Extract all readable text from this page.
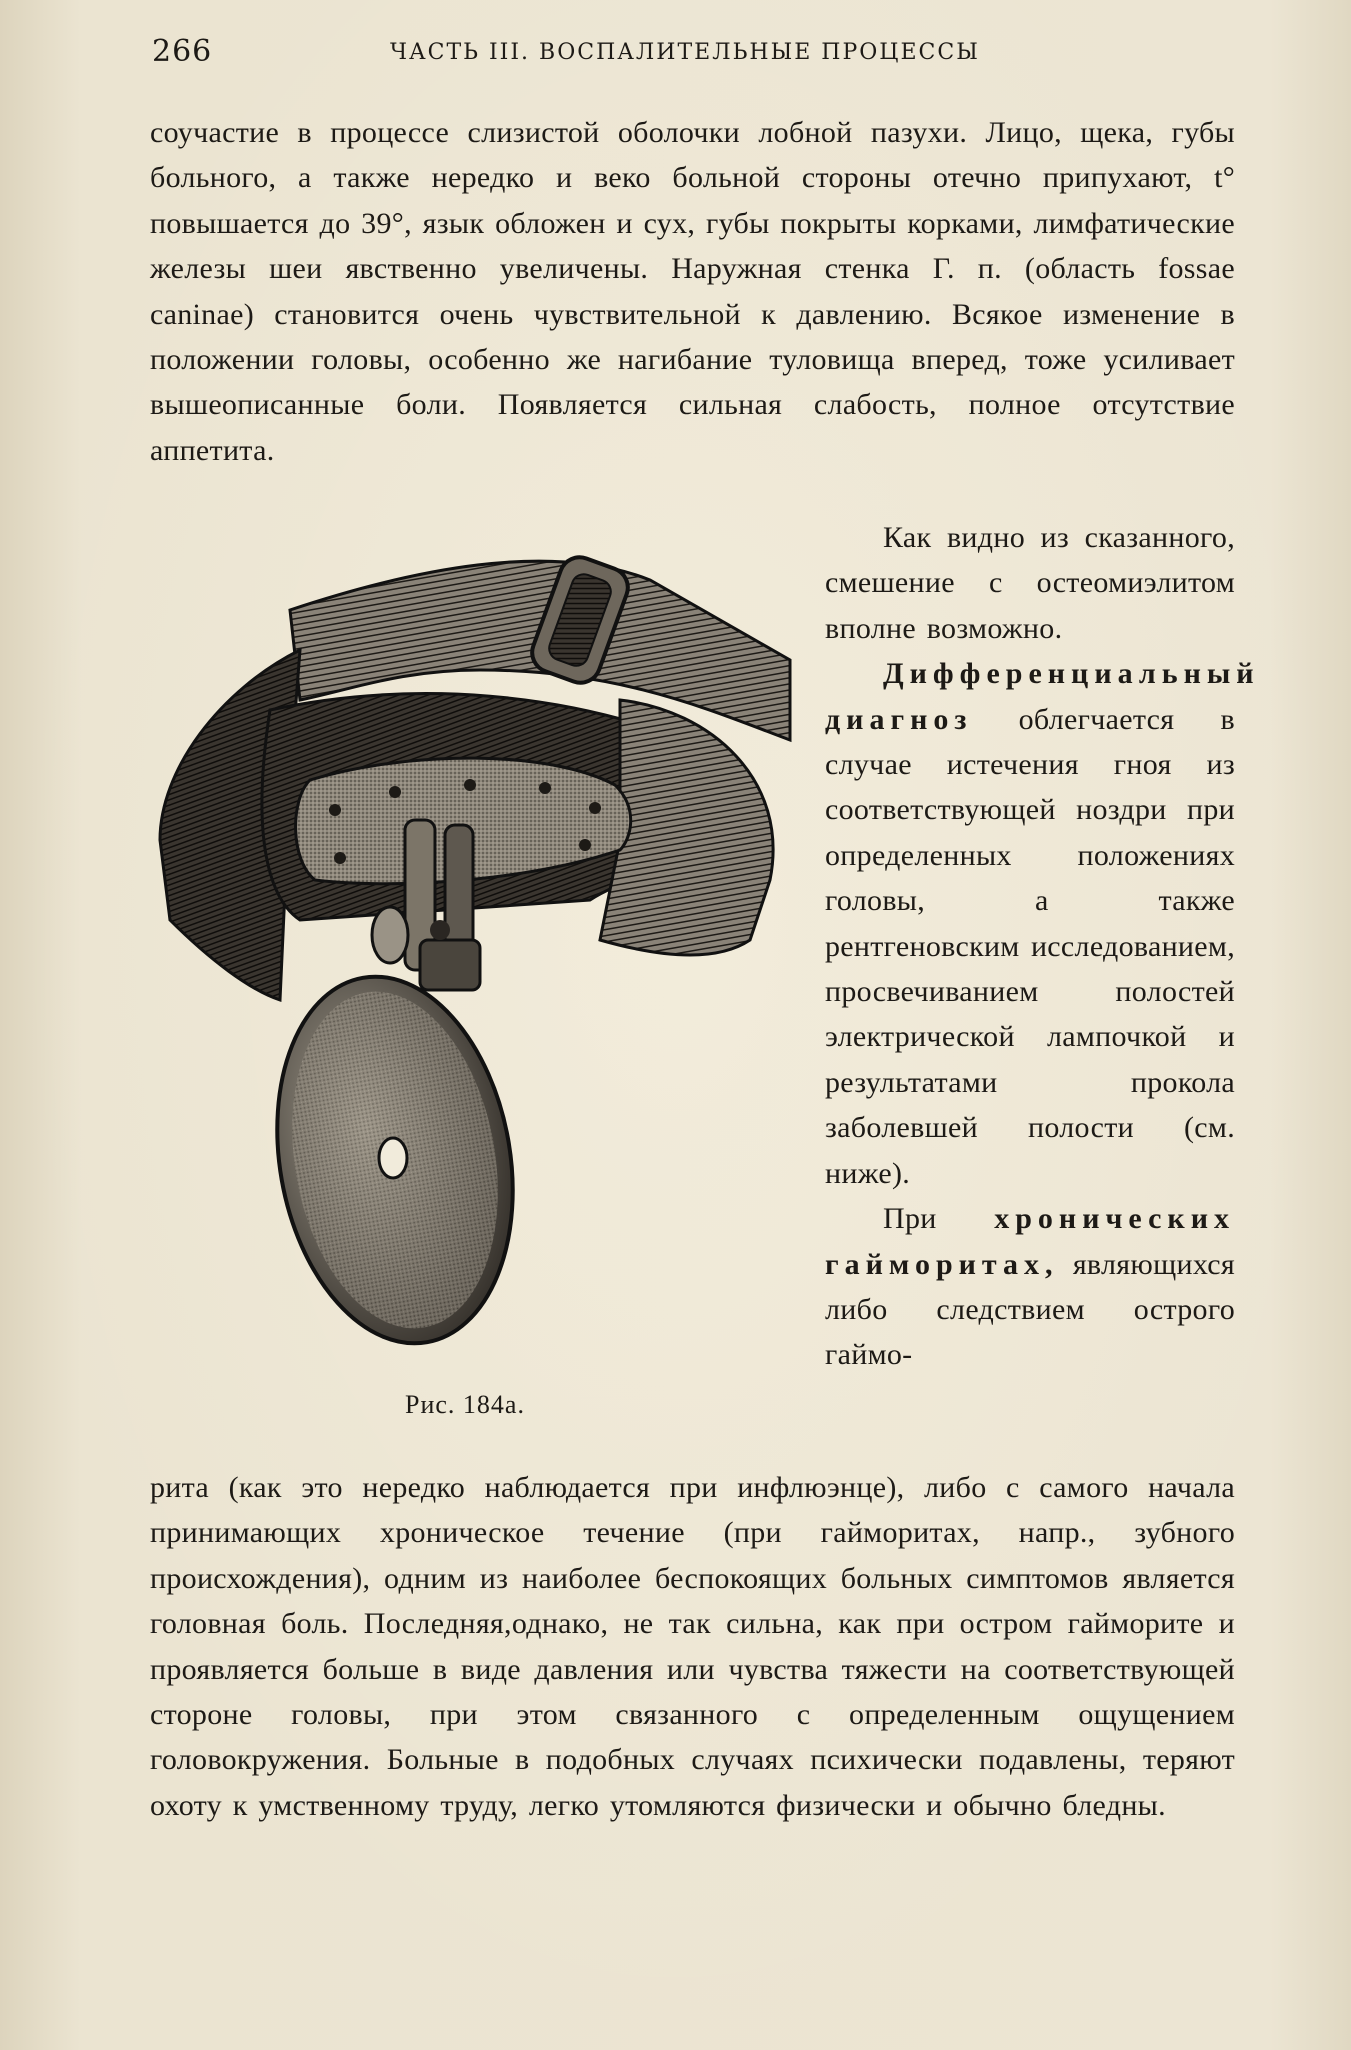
266	ЧАСТЬ III. ВОСПАЛИТЕЛЬНЫЕ ПРОЦЕССЫ
соучастие в процессе слизистой оболочки лобной пазухи. Лицо, щека, губы больного, а также нередко и веко больной стороны отечно припухают, t° повышается до 39°, язык обложен и сух, губы покрыты корками, лимфатические железы шеи явственно увеличены. Наружная стенка Г. п. (область fossae caninae) становится очень чувствительной к давлению. Всякое изменение в положении головы, особенно же нагибание туловища вперед, тоже усиливает вышеописанные боли. Появляется сильная слабость, полное отсутствие аппетита.
Рис. 184а.

Как видно из сказанного, смешение с остеомиэлитом вполне возможно.

Дифференциальный диагноз облегчается в случае истечения гноя из соответствующей ноздри при определенных положениях головы, а также рентгеновским исследованием, просвечиванием полостей электрической лампочкой и результатами прокола заболевшей полости (см. ниже).

При хронических гайморитах, являющихся либо следствием острого гаймо-

рита (как это нередко наблюдается при инфлюэнце), либо с самого начала принимающих хроническое течение (при гайморитах, напр., зубного происхождения), одним из наиболее беспокоящих больных симптомов является головная боль. Последняя,однако, не так сильна, как при остром гайморите и проявляется больше в виде давления или чувства тяжести на соответствующей стороне головы, при этом связанного с определенным ощущением головокружения. Больные в подобных случаях психически подавлены, теряют охоту к умственному труду, легко утомляются физически и обычно бледны.
